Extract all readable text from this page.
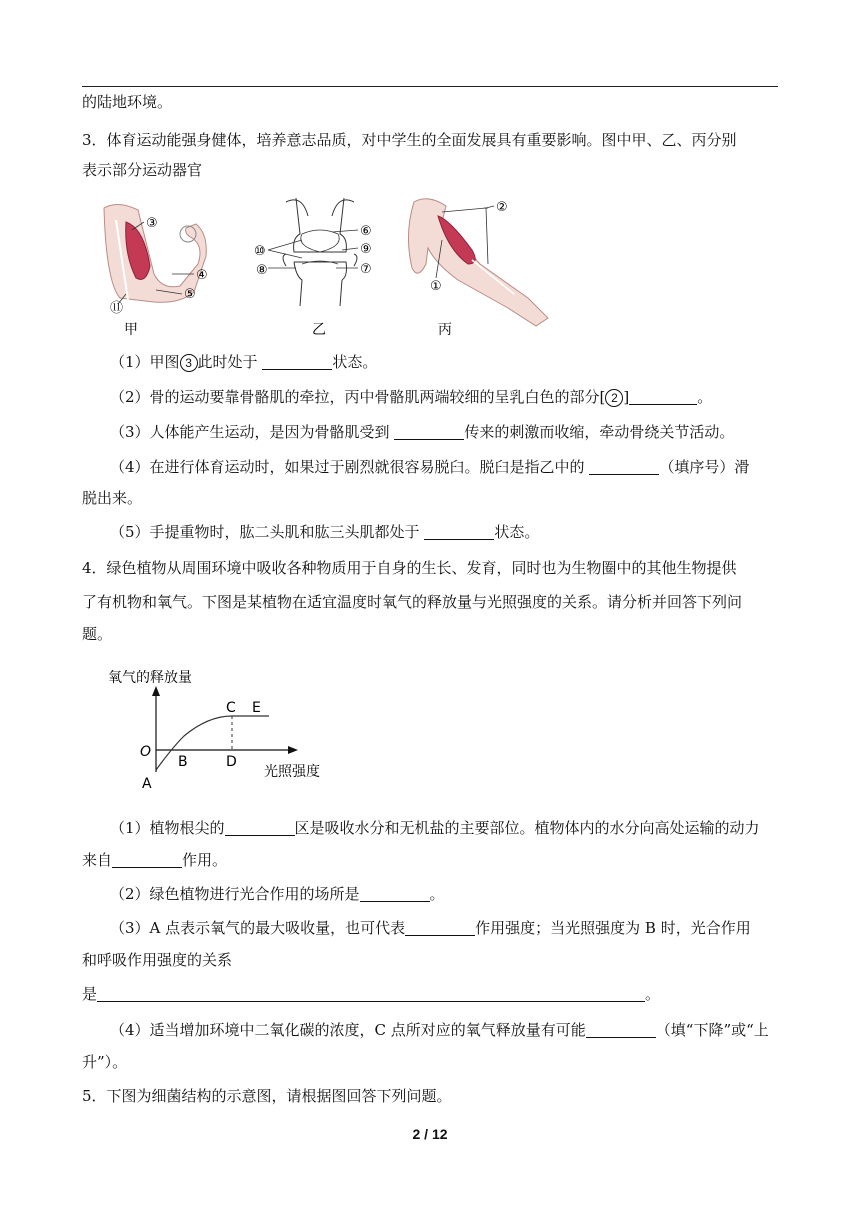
的陆地环境。
3．体育运动能强身健体，培养意志品质，对中学生的全面发展具有重要影响。图中甲、乙、丙分别
表示部分运动器官
③
④
⑤
⑪
甲
⑥
⑨
⑦
⑩
⑧
乙
②
①
丙
（1）甲图 3 此时处于	状态。
（2）骨的运动要靠骨骼肌的牵拉，丙中骨骼肌两端较细的呈乳白色的部分[ 2 ]	。
（3）人体能产生运动，是因为骨骼肌受到	传来的刺激而收缩，牵动骨绕关节活动。
（4）在进行体育运动时，如果过于剧烈就很容易脱臼。脱臼是指乙中的	（填序号）滑
脱出来。
（5）手提重物时，肱二头肌和肱三头肌都处于	状态。
4．绿色植物从周围环境中吸收各种物质用于自身的生长、发育，同时也为生物圈中的其他生物提供
了有机物和氧气。下图是某植物在适宜温度时氧气的释放量与光照强度的关系。请分析并回答下列问
题。
氧气的释放量
光照强度
O
A
B
C
D
E
（1）植物根尖的	区是吸收水分和无机盐的主要部位。植物体内的水分向高处运输的动力
来自	作用。
（2）绿色植物进行光合作用的场所是	。
（3）A 点表示氧气的最大吸收量，也可代表	作用强度；当光照强度为 B 时，光合作用
和呼吸作用强度的关系
是	。
（4）适当增加环境中二氧化碳的浓度，C 点所对应的氧气释放量有可能	（填“下降”或“上
升”）。
5．下图为细菌结构的示意图，请根据图回答下列问题。
2 / 12
